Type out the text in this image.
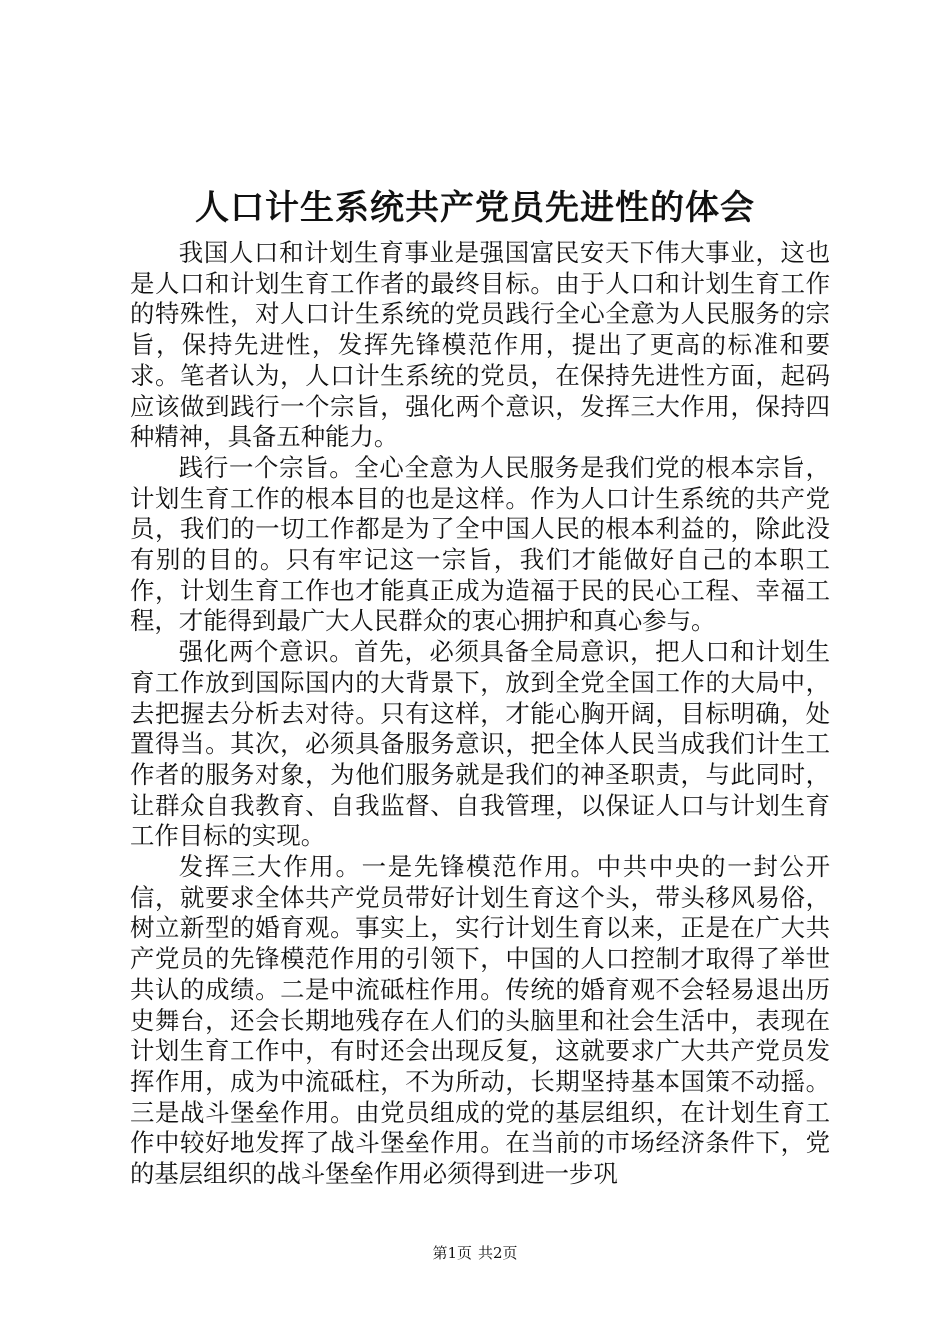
人口计生系统共产党员先进性的体会

我国人口和计划生育事业是强国富民安天下伟大事业，这也是人口和计划生育工作者的最终目标。由于人口和计划生育工作的特殊性，对人口计生系统的党员践行全心全意为人民服务的宗旨，保持先进性，发挥先锋模范作用，提出了更高的标准和要求。笔者认为，人口计生系统的党员，在保持先进性方面，起码应该做到践行一个宗旨，强化两个意识，发挥三大作用，保持四种精神，具备五种能力。

践行一个宗旨。全心全意为人民服务是我们党的根本宗旨，计划生育工作的根本目的也是这样。作为人口计生系统的共产党员，我们的一切工作都是为了全中国人民的根本利益的，除此没有别的目的。只有牢记这一宗旨，我们才能做好自己的本职工作，计划生育工作也才能真正成为造福于民的民心工程、幸福工程，才能得到最广大人民群众的衷心拥护和真心参与。

强化两个意识。首先，必须具备全局意识，把人口和计划生育工作放到国际国内的大背景下，放到全党全国工作的大局中，去把握去分析去对待。只有这样，才能心胸开阔，目标明确，处置得当。其次，必须具备服务意识，把全体人民当成我们计生工作者的服务对象，为他们服务就是我们的神圣职责，与此同时，让群众自我教育、自我监督、自我管理，以保证人口与计划生育工作目标的实现。

发挥三大作用。一是先锋模范作用。中共中央的一封公开信，就要求全体共产党员带好计划生育这个头，带头移风易俗，树立新型的婚育观。事实上，实行计划生育以来，正是在广大共产党员的先锋模范作用的引领下，中国的人口控制才取得了举世共认的成绩。二是中流砥柱作用。传统的婚育观不会轻易退出历史舞台，还会长期地残存在人们的头脑里和社会生活中，表现在计划生育工作中，有时还会出现反复，这就要求广大共产党员发挥作用，成为中流砥柱，不为所动，长期坚持基本国策不动摇。三是战斗堡垒作用。由党员组成的党的基层组织，在计划生育工作中较好地发挥了战斗堡垒作用。在当前的市场经济条件下，党的基层组织的战斗堡垒作用必须得到进一步巩

第1页 共2页
